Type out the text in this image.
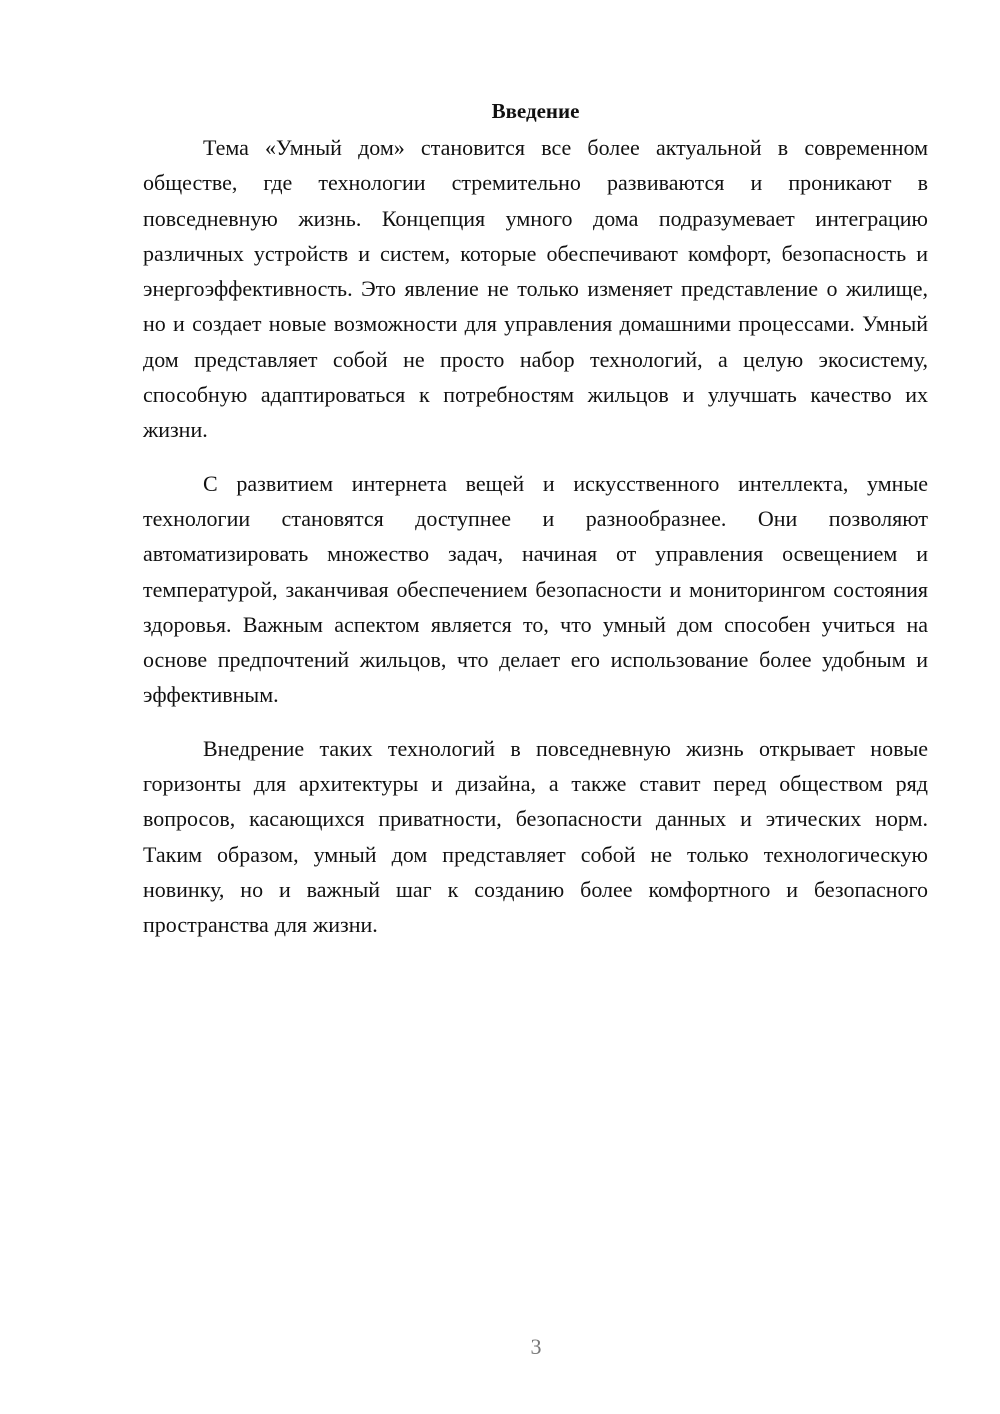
Введение

Тема «Умный дом» становится все более актуальной в современном обществе, где технологии стремительно развиваются и проникают в повседневную жизнь. Концепция умного дома подразумевает интеграцию различных устройств и систем, которые обеспечивают комфорт, безопасность и энергоэффективность. Это явление не только изменяет представление о жилище, но и создает новые возможности для управления домашними процессами. Умный дом представляет собой не просто набор технологий, а целую экосистему, способную адаптироваться к потребностям жильцов и улучшать качество их жизни.

С развитием интернета вещей и искусственного интеллекта, умные технологии становятся доступнее и разнообразнее. Они позволяют автоматизировать множество задач, начиная от управления освещением и температурой, заканчивая обеспечением безопасности и мониторингом состояния здоровья. Важным аспектом является то, что умный дом способен учиться на основе предпочтений жильцов, что делает его использование более удобным и эффективным.

Внедрение таких технологий в повседневную жизнь открывает новые горизонты для архитектуры и дизайна, а также ставит перед обществом ряд вопросов, касающихся приватности, безопасности данных и этических норм. Таким образом, умный дом представляет собой не только технологическую новинку, но и важный шаг к созданию более комфортного и безопасного пространства для жизни.

3
